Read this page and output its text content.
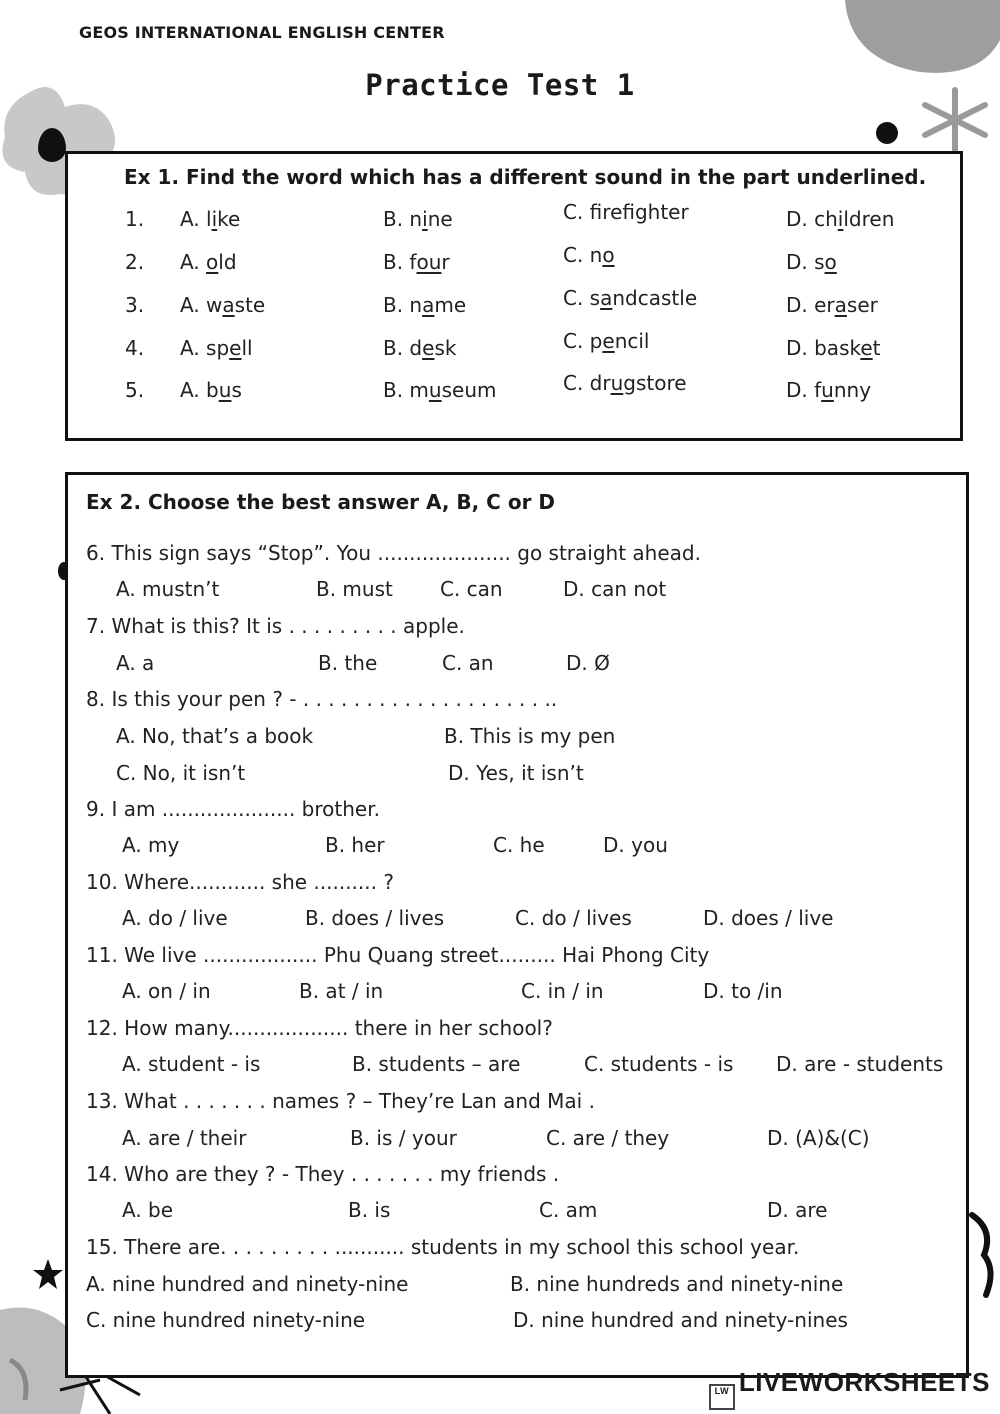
GEOS INTERNATIONAL ENGLISH CENTER
Practice Test 1
Ex 1. Find the word which has a different sound in the part underlined.
1. A. like	B. nine	C. frefighter	D. children
2. A. old	B. four	C. no	D. so
3. A. waste	B. name	C. sandcastle	D. eraser
4. A. spell	B. desk	C. pencil	D. basket
5. A. bus	B. museum	C. drugstore	D. funny
Ex 2. Choose the best answer A, B, C or D
6. This sign says “Stop”. You ..................... go straight ahead.
A. mustn’t	B. must C. can	D. can not
7. What is this? It is . . . . . . . . . apple.
A. a	B. the	C. an	D. Ø
8. Is this your pen ? - . . . . . . . . . . . . . . . . . . . ..
A. No, that’s a book	B. This is my pen
C. No, it isn’t	D. Yes, it isn’t
9. I am ..................... brother.
A. my	B. her	C. he	D. you
10. Where............ she .......... ?
A. do / live	B. does / lives	C. do / lives	D. does / live
11. We live .................. Phu Quang street......... Hai Phong City
A. on / in	B. at / in	C. in / in	D. to /in
12. How many................... there in her school?
A. student - is	B. students – are	C. students - is D. are - students
13. What . . . . . . . names ? – They’re Lan and Mai .
A. are / their	B. is / your	C. are / they	D. (A)&(C)
14. Who are they ? - They . . . . . . . my friends .
A. be	B. is	C. am	D. are
15. There are. . . . . . . . . ........... students in my school this school year.
A. nine hundred and ninety-nine	B. nine hundreds and ninety-nine
C. nine hundred ninety-nine	D. nine hundred and ninety-nines
LW LIVEWORKSHEETS
